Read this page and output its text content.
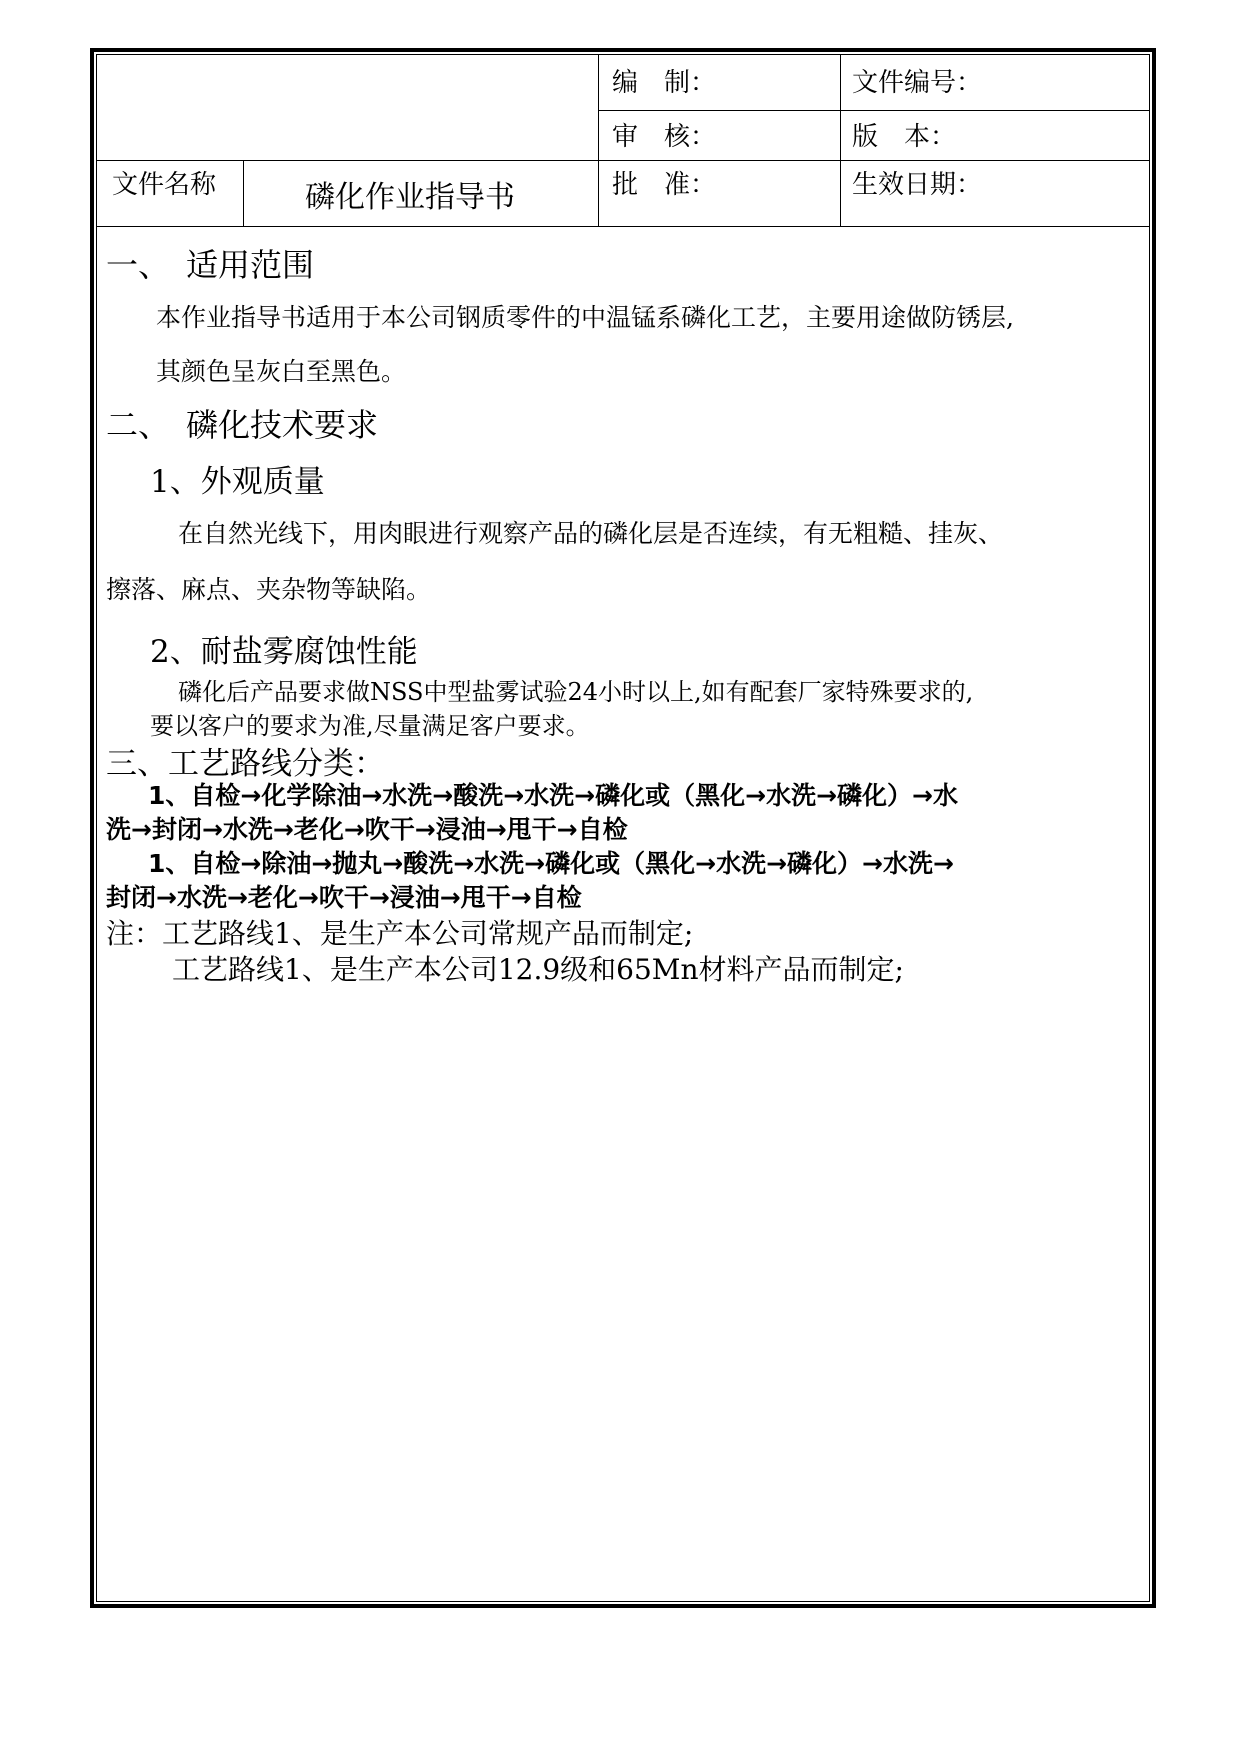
编　制：	文件编号：
审　核：	版　本：
文件名称	磷化作业指导书	批　准：	生效日期：
一、　适用范围
本作业指导书适用于本公司钢质零件的中温锰系磷化工艺，主要用途做防锈层,
其颜色呈灰白至黑色。
二、　磷化技术要求
1、外观质量
在自然光线下，用肉眼进行观察产品的磷化层是否连续，有无粗糙、挂灰、
擦落、麻点、夹杂物等缺陷。
2、耐盐雾腐蚀性能
磷化后产品要求做NSS中型盐雾试验24小时以上,如有配套厂家特殊要求的,
要以客户的要求为准,尽量满足客户要求。
三、工艺路线分类：
1、自检→化学除油→水洗→酸洗→水洗→磷化或（黑化→水洗→磷化）→水
洗→封闭→水洗→老化→吹干→浸油→甩干→自检
1、自检→除油→抛丸→酸洗→水洗→磷化或（黑化→水洗→磷化）→水洗→
封闭→水洗→老化→吹干→浸油→甩干→自检
注：工艺路线1、是生产本公司常规产品而制定;
工艺路线1、是生产本公司12.9级和65Mn材料产品而制定;
